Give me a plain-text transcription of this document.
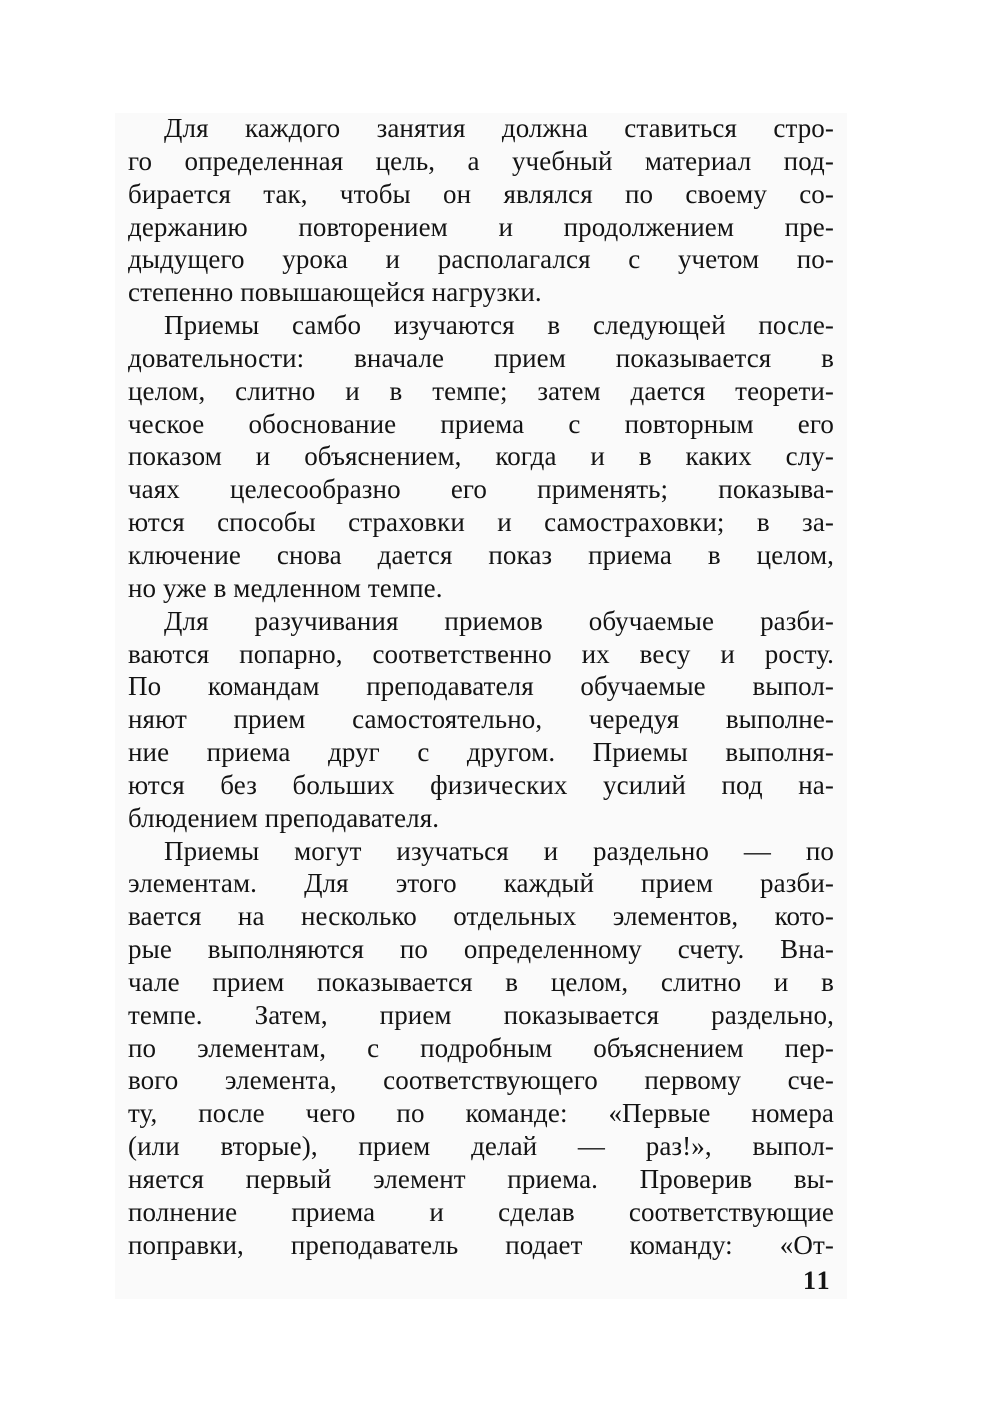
Для каждого занятия должна ставиться стро-
го определенная цель, а учебный материал под-
бирается так, чтобы он являлся по своему со-
держанию повторением и продолжением пре-
дыдущего урока и располагался с учетом по-
степенно повышающейся нагрузки.

Приемы самбо изучаются в следующей после-
довательности: вначале прием показывается в
целом, слитно и в темпе; затем дается теорети-
ческое обоснование приема с повторным его
показом и объяснением, когда и в каких слу-
чаях целесообразно его применять; показыва-
ются способы страховки и самостраховки; в за-
ключение снова дается показ приема в целом,
но уже в медленном темпе.

Для разучивания приемов обучаемые разби-
ваются попарно, соответственно их весу и росту.
По командам преподавателя обучаемые выпол-
няют прием самостоятельно, чередуя выполне-
ние приема друг с другом. Приемы выполня-
ются без больших физических усилий под на-
блюдением преподавателя.

Приемы могут изучаться и раздельно — по
элементам. Для этого каждый прием разби-
вается на несколько отдельных элементов, кото-
рые выполняются по определенному счету. Вна-
чале прием показывается в целом, слитно и в
темпе. Затем, прием показывается раздельно,
по элементам, с подробным объяснением пер-
вого элемента, соответствующего первому сче-
ту, после чего по команде: «Первые номера
(или вторые), прием делай — раз!», выпол-
няется первый элемент приема. Проверив вы-
полнение приема и сделав соответствующие
поправки, преподаватель подает команду: «От-

11
